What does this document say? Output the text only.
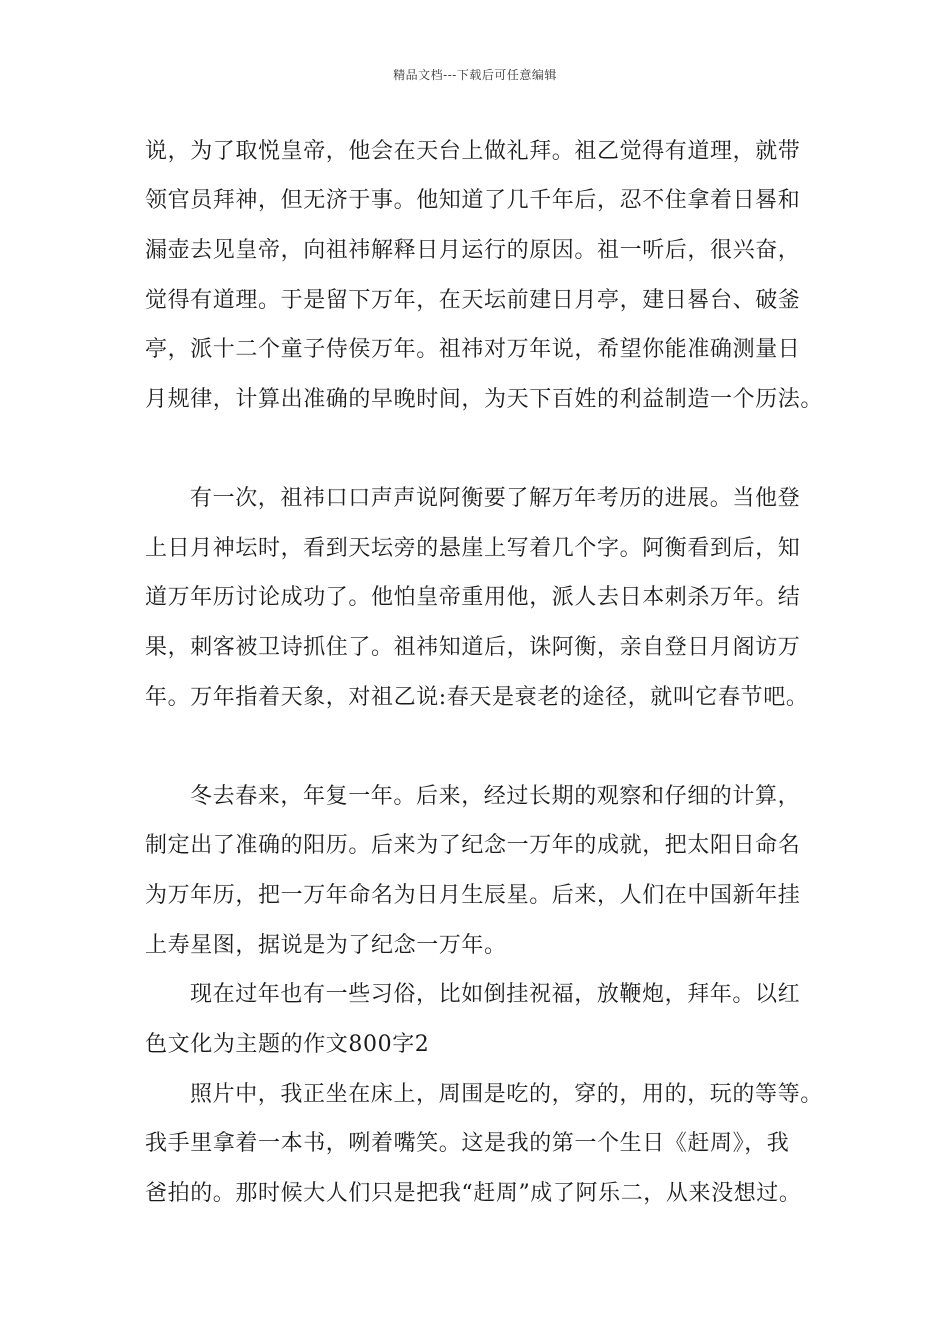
精品文档---下载后可任意编辑
说，为了取悦皇帝，他会在天台上做礼拜。祖乙觉得有道理，就带
领官员拜神，但无济于事。他知道了几千年后，忍不住拿着日晷和
漏壶去见皇帝，向祖祎解释日月运行的原因。祖一听后，很兴奋，
觉得有道理。于是留下万年，在天坛前建日月亭，建日晷台、破釜
亭，派十二个童子侍侯万年。祖祎对万年说，希望你能准确测量日
月规律，计算出准确的早晚时间，为天下百姓的利益制造一个历法。
有一次，祖祎口口声声说阿衡要了解万年考历的进展。当他登
上日月神坛时，看到天坛旁的悬崖上写着几个字。阿衡看到后，知
道万年历讨论成功了。他怕皇帝重用他，派人去日本刺杀万年。结
果，刺客被卫诗抓住了。祖祎知道后，诛阿衡，亲自登日月阁访万
年。万年指着天象，对祖乙说:春天是衰老的途径，就叫它春节吧。
冬去春来，年复一年。后来，经过长期的观察和仔细的计算，
制定出了准确的阳历。后来为了纪念一万年的成就，把太阳日命名
为万年历，把一万年命名为日月生辰星。后来，人们在中国新年挂
上寿星图，据说是为了纪念一万年。
现在过年也有一些习俗，比如倒挂祝福，放鞭炮，拜年。以红
色文化为主题的作文800字2
照片中，我正坐在床上，周围是吃的，穿的，用的，玩的等等。
我手里拿着一本书，咧着嘴笑。这是我的第一个生日《赶周》，我
爸拍的。那时候大人们只是把我“赶周”成了阿乐二，从来没想过。
